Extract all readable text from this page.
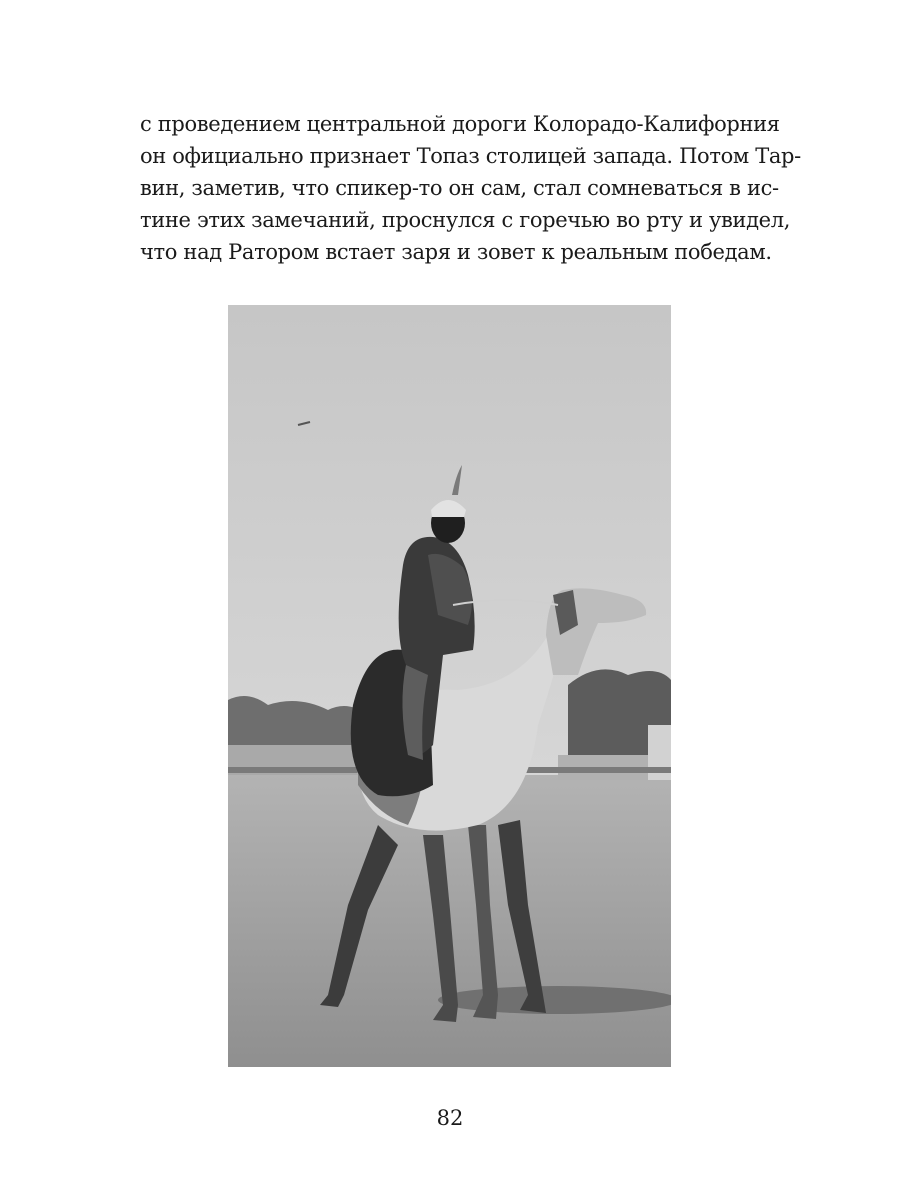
с проведением центральной дороги Колорадо-Калифорния
он официально признает Топаз столицей запада. Потом Тар-
вин, заметив, что спикер-то он сам, стал сомневаться в ис-
тине этих замечаний, проснулся с горечью во рту и увидел,
что над Ратором встает заря и зовет к реальным победам.
82
